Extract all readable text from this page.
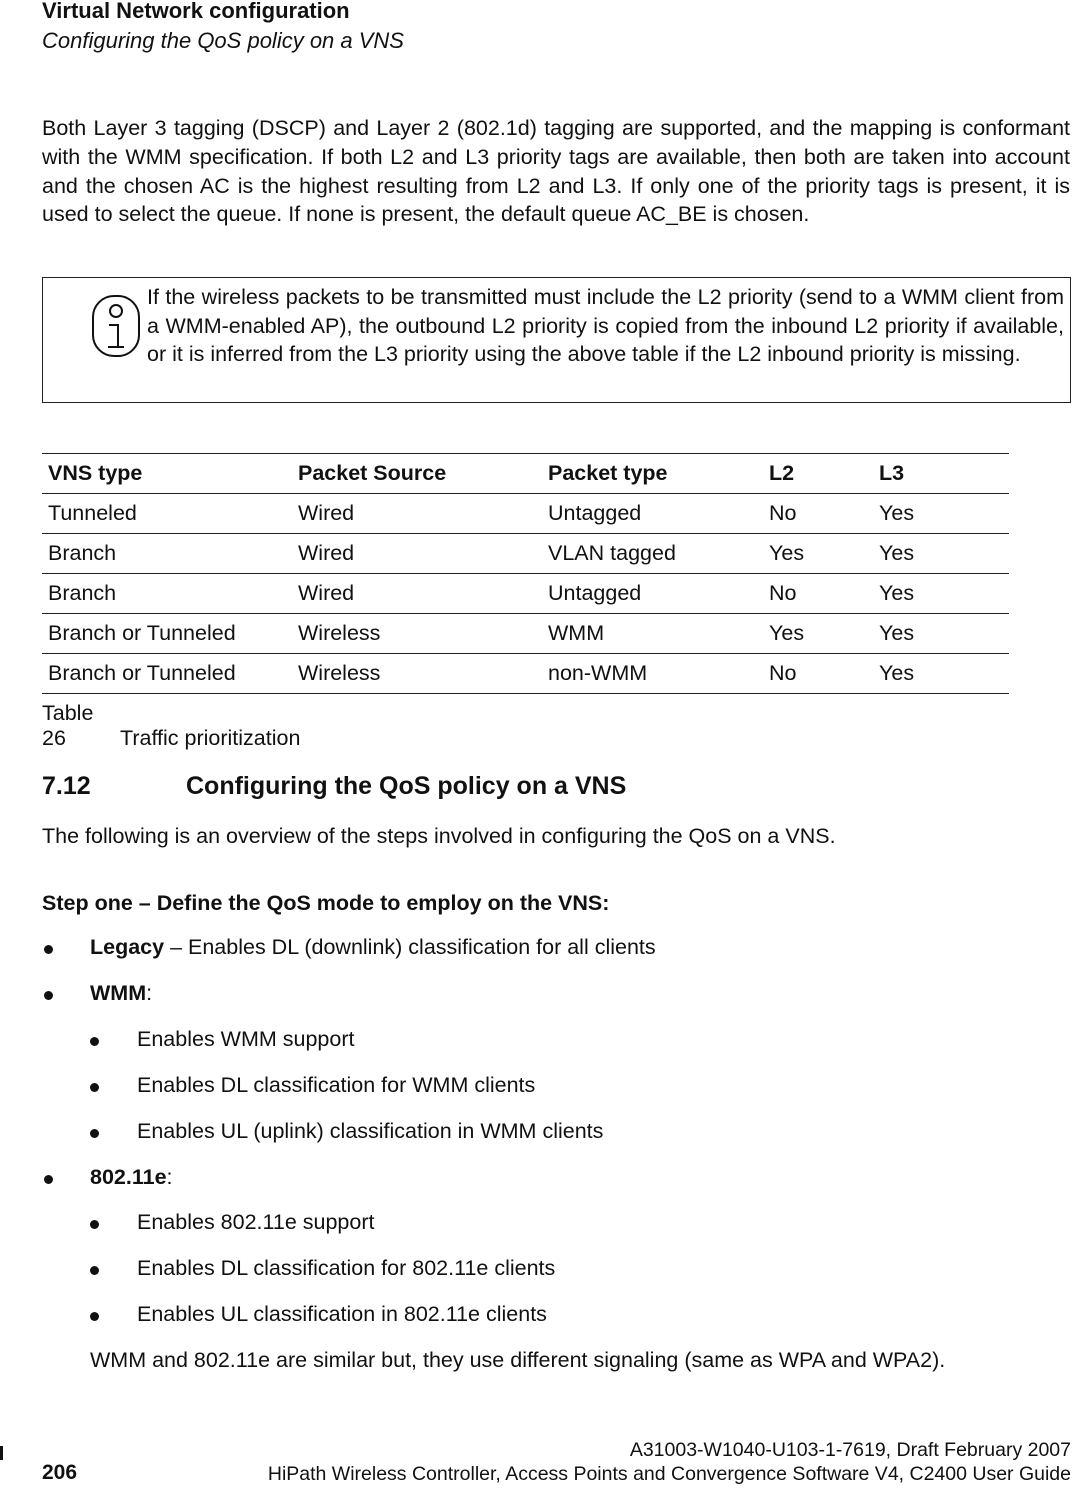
Virtual Network configuration
Configuring the QoS policy on a VNS
Both Layer 3 tagging (DSCP) and Layer 2 (802.1d) tagging are supported, and the mapping is conformant with the WMM specification. If both L2 and L3 priority tags are available, then both are taken into account and the chosen AC is the highest resulting from L2 and L3. If only one of the priority tags is present, it is used to select the queue. If none is present, the default queue AC_BE is chosen.
If the wireless packets to be transmitted must include the L2 priority (send to a WMM client from a WMM-enabled AP), the outbound L2 priority is copied from the inbound L2 priority if available, or it is inferred from the L3 priority using the above table if the L2 inbound priority is missing.
VNS type	Packet Source	Packet type	L2	L3
Tunneled	Wired	Untagged	No	Yes
Branch	Wired	VLAN tagged	Yes	Yes
Branch	Wired	Untagged	No	Yes
Branch or Tunneled	Wireless	WMM	Yes	Yes
Branch or Tunneled	Wireless	non-WMM	No	Yes
Table 26	Traffic prioritization
7.12	Configuring the QoS policy on a VNS
The following is an overview of the steps involved in configuring the QoS on a VNS.
Step one – Define the QoS mode to employ on the VNS:
Legacy – Enables DL (downlink) classification for all clients
WMM:
Enables WMM support
Enables DL classification for WMM clients
Enables UL (uplink) classification in WMM clients
802.11e:
Enables 802.11e support
Enables DL classification for 802.11e clients
Enables UL classification in 802.11e clients
WMM and 802.11e are similar but, they use different signaling (same as WPA and WPA2).
A31003-W1040-U103-1-7619, Draft February 2007
206	HiPath Wireless Controller, Access Points and Convergence Software V4, C2400 User Guide
